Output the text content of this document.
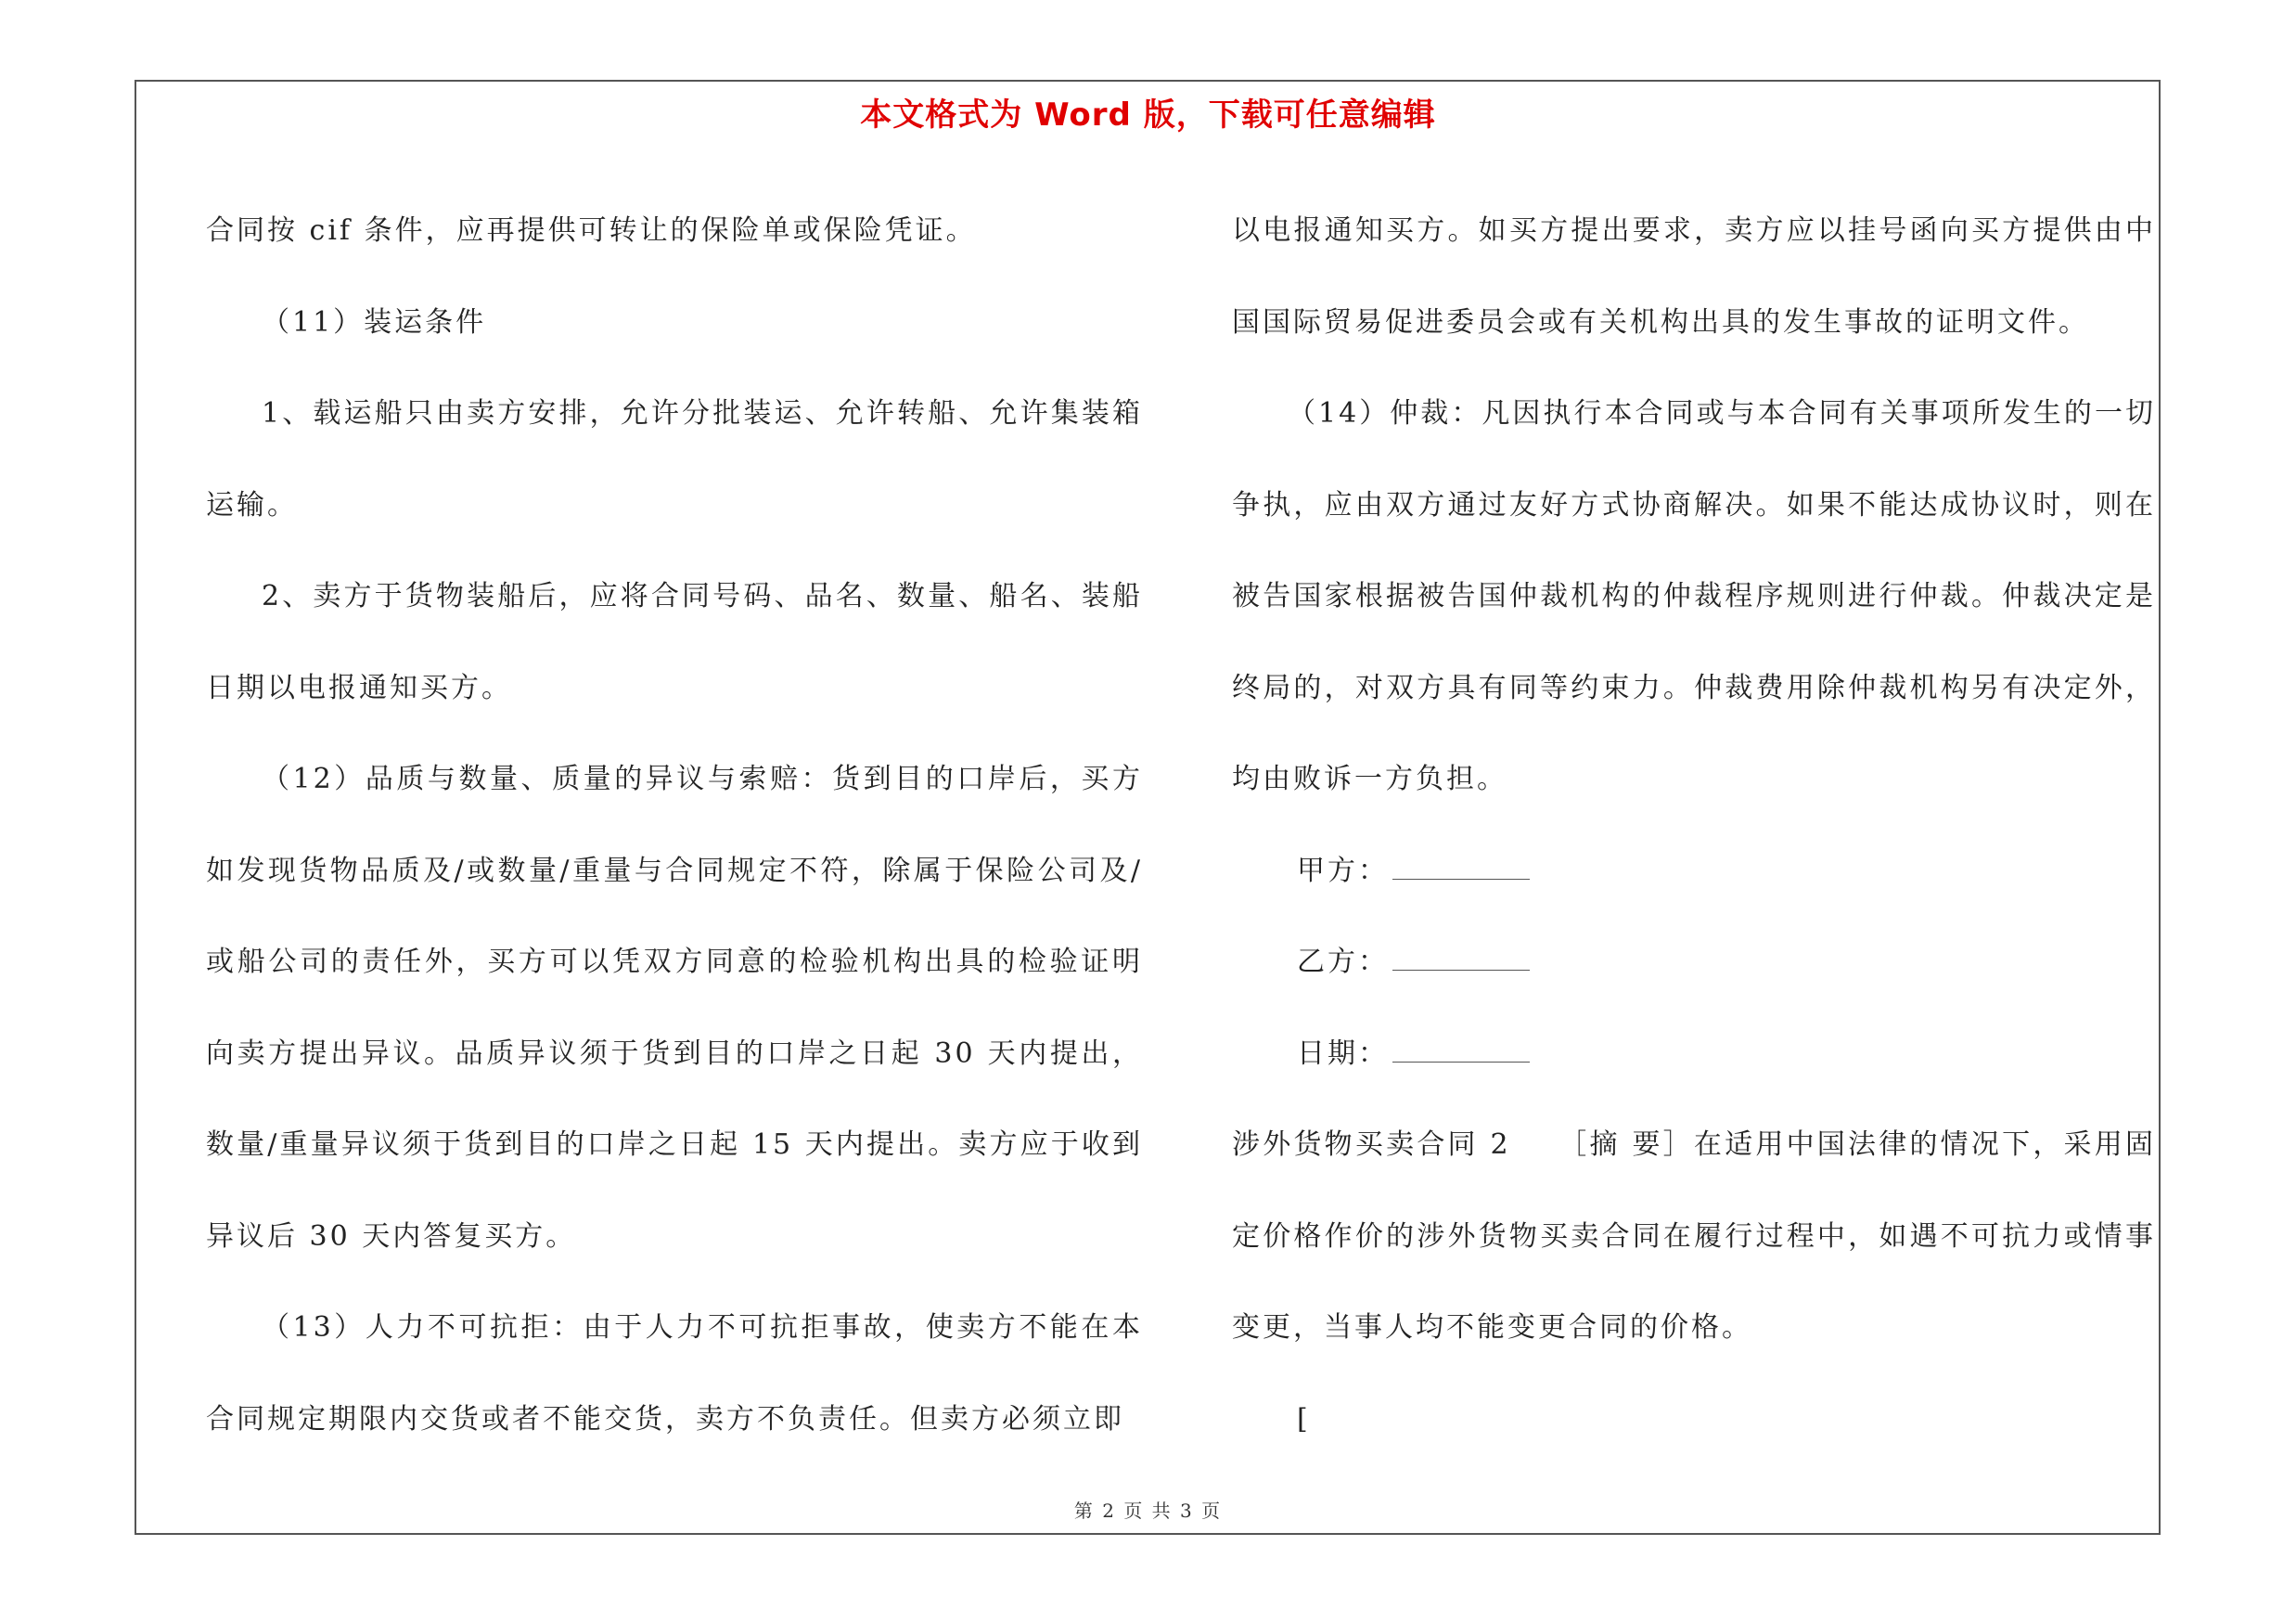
本文格式为 Word 版，下载可任意编辑

合同按 cif 条件，应再提供可转让的保险单或保险凭证。

（11）装运条件

1、载运船只由卖方安排，允许分批装运、允许转船、允许集装箱运输。

2、卖方于货物装船后，应将合同号码、品名、数量、船名、装船日期以电报通知买方。

（12）品质与数量、质量的异议与索赔：货到目的口岸后，买方如发现货物品质及/或数量/重量与合同规定不符，除属于保险公司及/或船公司的责任外，买方可以凭双方同意的检验机构出具的检验证明向卖方提出异议。品质异议须于货到目的口岸之日起 30 天内提出，数量/重量异议须于货到目的口岸之日起 15 天内提出。卖方应于收到异议后 30 天内答复买方。

（13）人力不可抗拒：由于人力不可抗拒事故，使卖方不能在本合同规定期限内交货或者不能交货，卖方不负责任。但卖方必须立即

以电报通知买方。如买方提出要求，卖方应以挂号函向买方提供由中国国际贸易促进委员会或有关机构出具的发生事故的证明文件。

（14）仲裁：凡因执行本合同或与本合同有关事项所发生的一切争执，应由双方通过友好方式协商解决。如果不能达成协议时，则在被告国家根据被告国仲裁机构的仲裁程序规则进行仲裁。仲裁决定是终局的，对双方具有同等约束力。仲裁费用除仲裁机构另有决定外，均由败诉一方负担。

甲方：

乙方：

日期：

涉外货物买卖合同 2　　［摘 要］在适用中国法律的情况下，采用固定价格作价的涉外货物买卖合同在履行过程中，如遇不可抗力或情事变更，当事人均不能变更合同的价格。

[

第 2 页 共 3 页
